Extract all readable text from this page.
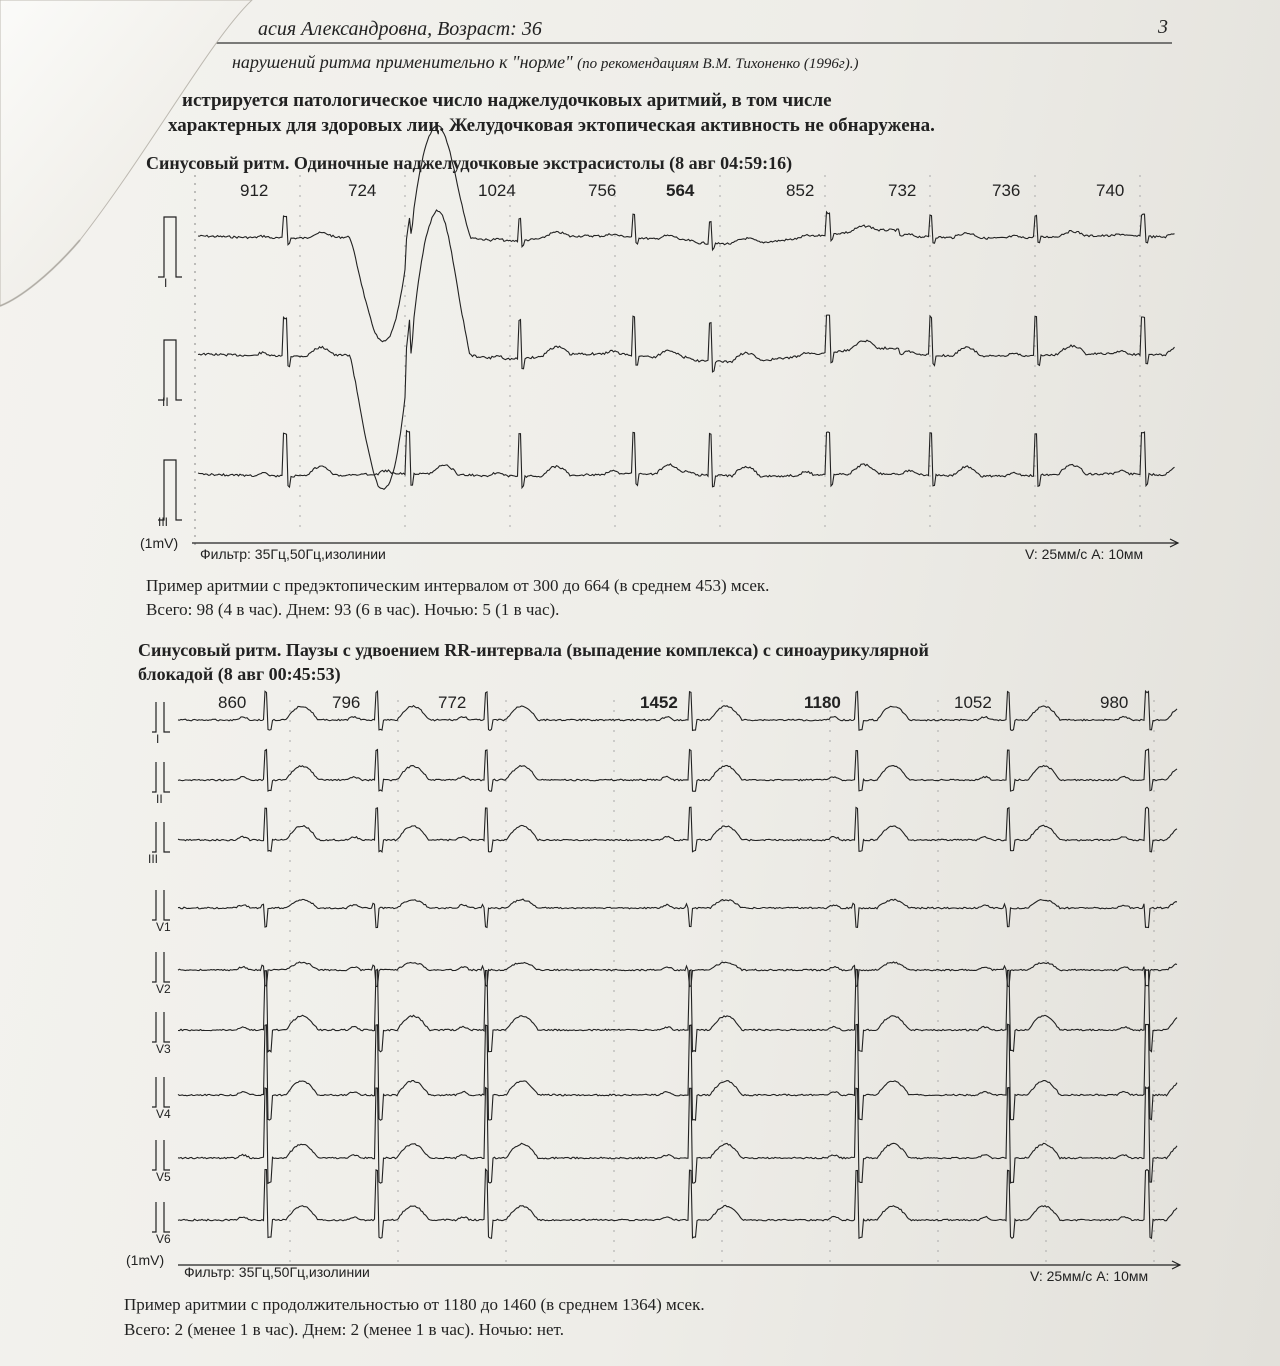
асия Александровна, Возраст: 36	3
нарушений ритма применительно к "норме" (по рекомендациям В.М. Тихоненко (1996г).)
истрируется патологическое число наджелудочковых аритмий, в том числе
характерных для здоровых лиц. Желудочковая эктопическая активность не обнаружена.
Синусовый ритм. Одиночные наджелудочковые экстрасистолы (8 авг 04:59:16)
912	724	1024	756	564	852	732	736	740
I
II
III
(1mV)
Фильтр: 35Гц,50Гц,изолинии	V: 25мм/с A: 10мм
Пример аритмии с предэктопическим интервалом от 300 до 664 (в среднем 453) мсек.
Всего: 98 (4 в час). Днем: 93 (6 в час). Ночью: 5 (1 в час).
Синусовый ритм. Паузы с удвоением RR-интервала (выпадение комплекса) с синоаурикулярной
блокадой (8 авг 00:45:53)
860	796	772	1452	1180	1052	980
I
II
III
V1
V2
V3
V4
V5
V6
(1mV)
Фильтр: 35Гц,50Гц,изолинии	V: 25мм/с A: 10мм
Пример аритмии с продолжительностью от 1180 до 1460 (в среднем 1364) мсек.
Всего: 2 (менее 1 в час). Днем: 2 (менее 1 в час). Ночью: нет.
